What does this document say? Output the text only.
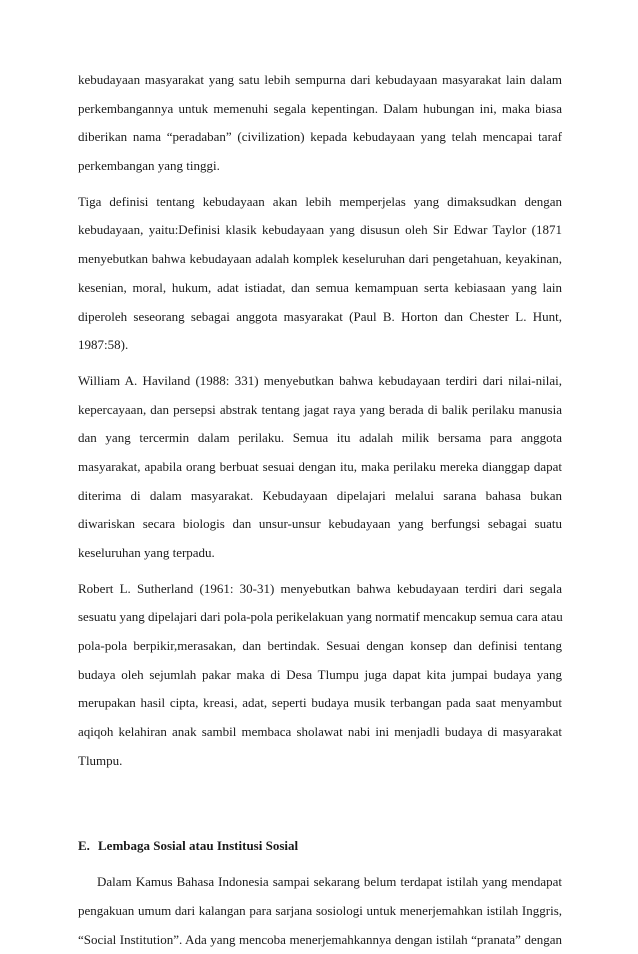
kebudayaan masyarakat yang satu lebih sempurna dari kebudayaan masyarakat lain dalam
perkembangannya untuk memenuhi segala kepentingan. Dalam hubungan ini, maka biasa
diberikan nama “peradaban” (civilization) kepada kebudayaan yang telah mencapai taraf
perkembangan yang tinggi.
Tiga definisi tentang kebudayaan akan lebih memperjelas yang dimaksudkan dengan
kebudayaan, yaitu:Definisi klasik kebudayaan yang disusun oleh Sir Edwar Taylor (1871
menyebutkan bahwa kebudayaan adalah komplek keseluruhan dari pengetahuan, keyakinan,
kesenian, moral, hukum, adat istiadat, dan semua kemampuan serta kebiasaan yang lain
diperoleh seseorang sebagai anggota masyarakat (Paul B. Horton dan Chester L. Hunt,
1987:58).
William A. Haviland (1988: 331) menyebutkan bahwa kebudayaan terdiri dari nilai-nilai,
kepercayaan, dan persepsi abstrak tentang jagat raya yang berada di balik perilaku manusia
dan yang tercermin dalam perilaku. Semua itu adalah milik bersama para anggota
masyarakat, apabila orang berbuat sesuai dengan itu, maka perilaku mereka dianggap dapat
diterima di dalam masyarakat. Kebudayaan dipelajari melalui sarana bahasa bukan
diwariskan secara biologis dan unsur-unsur kebudayaan yang berfungsi sebagai suatu
keseluruhan yang terpadu.
Robert L. Sutherland (1961: 30-31) menyebutkan bahwa kebudayaan terdiri dari segala
sesuatu yang dipelajari dari pola-pola perikelakuan yang normatif mencakup semua cara atau
pola-pola berpikir,merasakan, dan bertindak. Sesuai dengan konsep dan definisi tentang
budaya oleh sejumlah pakar maka di Desa Tlumpu juga dapat kita jumpai budaya yang
merupakan hasil cipta, kreasi, adat, seperti budaya musik terbangan pada saat menyambut
aqiqoh kelahiran anak sambil membaca sholawat nabi ini menjadli budaya di masyarakat
Tlumpu.
E. Lembaga Sosial atau Institusi Sosial
Dalam Kamus Bahasa Indonesia sampai sekarang belum terdapat istilah yang mendapat
pengakuan umum dari kalangan para sarjana sosiologi untuk menerjemahkan istilah Inggris,
“Social Institution”. Ada yang mencoba menerjemahkannya dengan istilah “pranata” dengan
